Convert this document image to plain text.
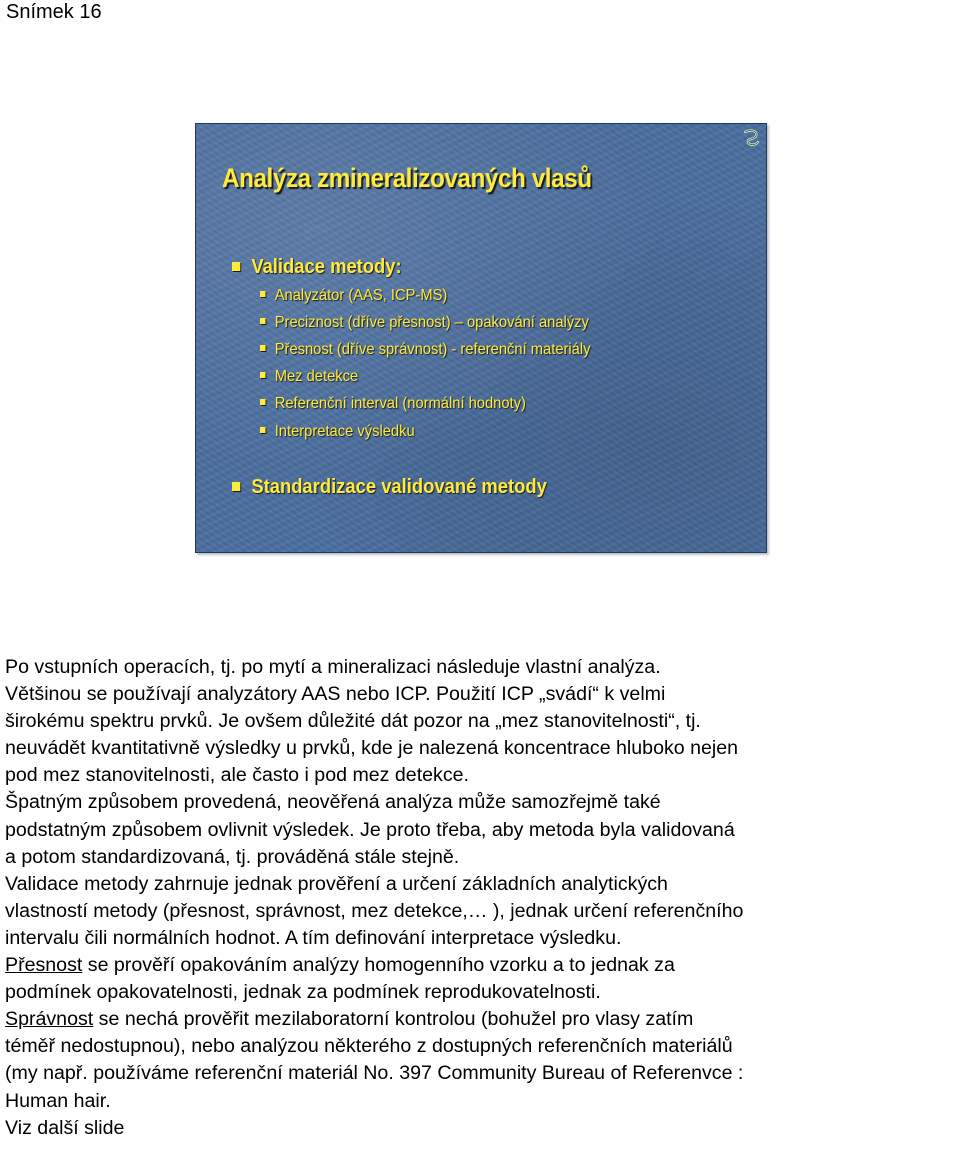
Snímek 16
Analýza zmineralizovaných vlasů
Validace metody:
Analyzátor (AAS, ICP-MS)
Preciznost (dříve přesnost) – opakování analýzy
Přesnost (dříve správnost) - referenční materiály
Mez detekce
Referenční interval (normální hodnoty)
Interpretace výsledku
Standardizace validované metody
Po vstupních operacích, tj. po mytí a mineralizaci následuje vlastní analýza.
Většinou se používají analyzátory AAS nebo ICP. Použití ICP „svádí“ k velmi
širokému spektru prvků. Je ovšem důležité dát pozor na „mez stanovitelnosti“, tj.
neuvádět kvantitativně výsledky u prvků, kde je nalezená koncentrace hluboko nejen
pod mez stanovitelnosti, ale často i pod mez detekce.
Špatným způsobem provedená, neověřená analýza může samozřejmě také
podstatným způsobem ovlivnit výsledek. Je proto třeba, aby metoda byla validovaná
a potom standardizovaná, tj. prováděná stále stejně.
Validace metody zahrnuje jednak prověření a určení základních analytických
vlastností metody (přesnost, správnost, mez detekce,… ), jednak určení referenčního
intervalu čili normálních hodnot. A tím definování interpretace výsledku.
Přesnost se prověří opakováním analýzy homogenního vzorku a to jednak za
podmínek opakovatelnosti, jednak za podmínek reprodukovatelnosti.
Správnost se nechá prověřit mezilaboratorní kontrolou (bohužel pro vlasy zatím
téměř nedostupnou), nebo analýzou některého z dostupných referenčních materiálů
(my např. používáme referenční materiál No. 397 Community Bureau of Referenvce :
Human hair.
Viz další slide
